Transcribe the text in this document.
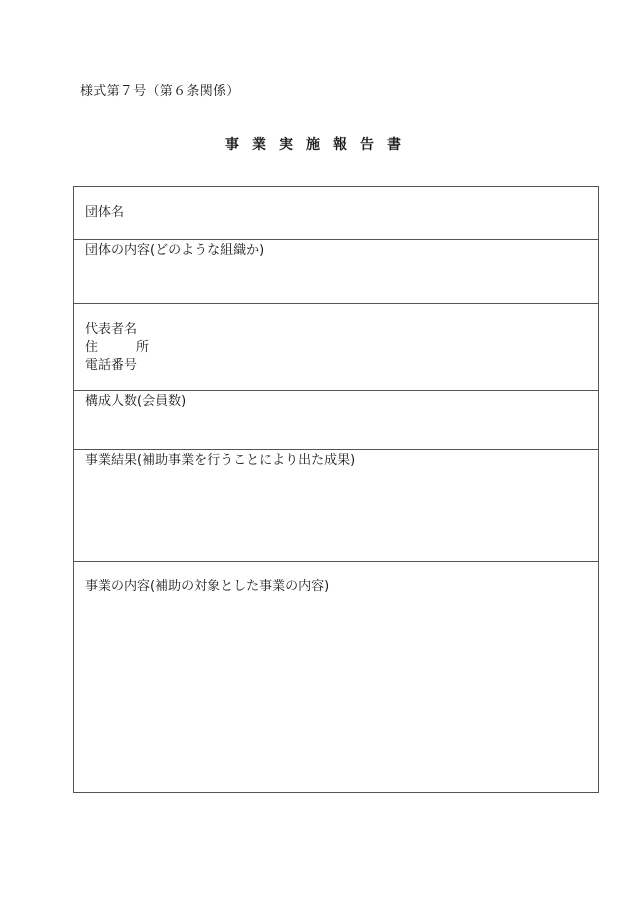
様式第７号（第６条関係）
事業実施報告書
団体名
団体の内容(どのような組織か)
代表者名
住	所
電話番号
構成人数(会員数)
事業結果(補助事業を行うことにより出た成果)
事業の内容(補助の対象とした事業の内容)
